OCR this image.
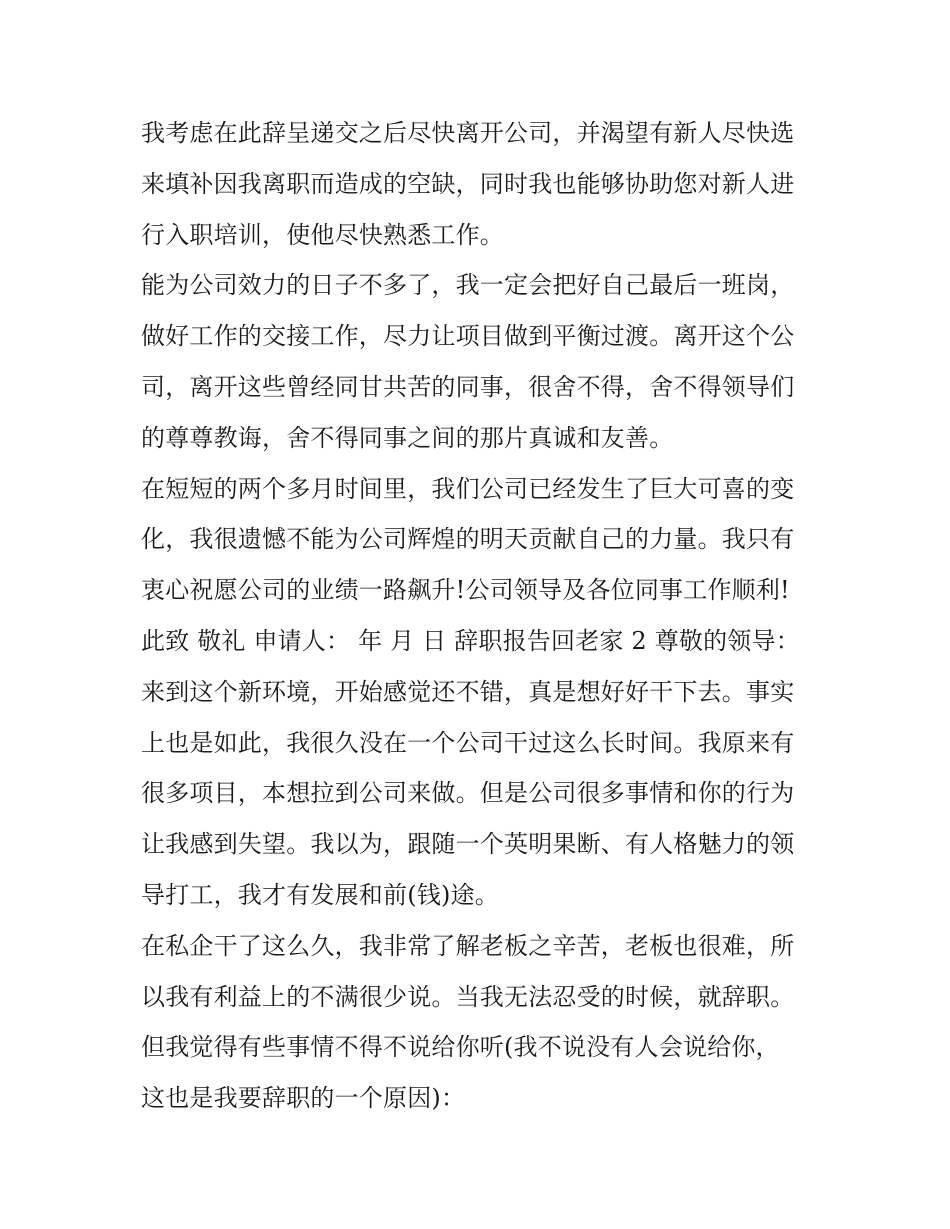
我考虑在此辞呈递交之后尽快离开公司，并渴望有新人尽快选
来填补因我离职而造成的空缺，同时我也能够协助您对新人进
行入职培训，使他尽快熟悉工作。
能为公司效力的日子不多了，我一定会把好自己最后一班岗，
做好工作的交接工作，尽力让项目做到平衡过渡。离开这个公
司，离开这些曾经同甘共苦的同事，很舍不得，舍不得领导们
的尊尊教诲，舍不得同事之间的那片真诚和友善。
在短短的两个多月时间里，我们公司已经发生了巨大可喜的变
化，我很遗憾不能为公司辉煌的明天贡献自己的力量。我只有
衷心祝愿公司的业绩一路飙升!公司领导及各位同事工作顺利!
此致 敬礼 申请人： 年 月 日 辞职报告回老家 2 尊敬的领导：
来到这个新环境，开始感觉还不错，真是想好好干下去。事实
上也是如此，我很久没在一个公司干过这么长时间。我原来有
很多项目，本想拉到公司来做。但是公司很多事情和你的行为
让我感到失望。我以为，跟随一个英明果断、有人格魅力的领
导打工，我才有发展和前(钱)途。
在私企干了这么久，我非常了解老板之辛苦，老板也很难，所
以我有利益上的不满很少说。当我无法忍受的时候，就辞职。
但我觉得有些事情不得不说给你听(我不说没有人会说给你，
这也是我要辞职的一个原因)：
